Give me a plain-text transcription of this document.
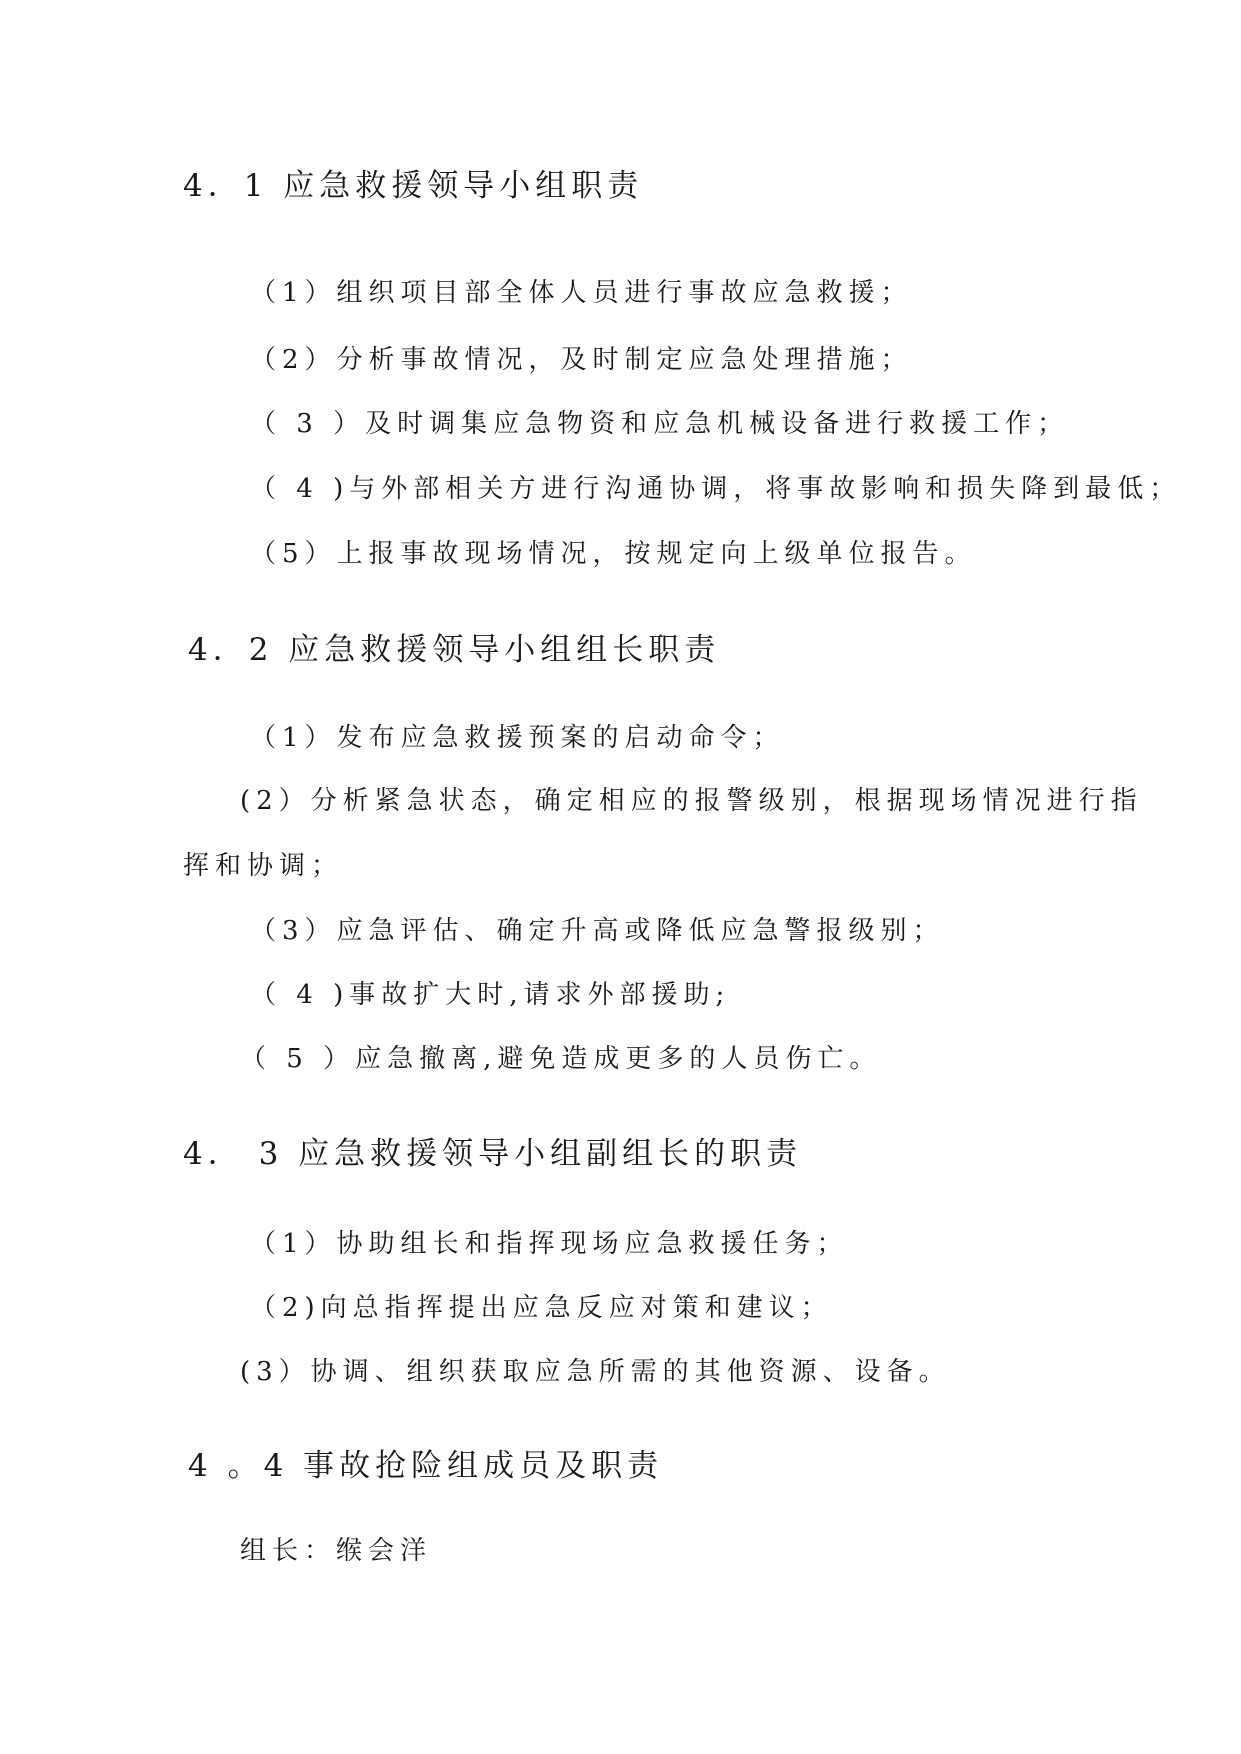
4．1 应急救援领导小组职责
（1）组织项目部全体人员进行事故应急救援；
（2）分析事故情况，及时制定应急处理措施；
（ 3 ）及时调集应急物资和应急机械设备进行救援工作；
（ 4 )与外部相关方进行沟通协调，将事故影响和损失降到最低；
（5）上报事故现场情况，按规定向上级单位报告。
4．2 应急救援领导小组组长职责
（1）发布应急救援预案的启动命令；
(2）分析紧急状态，确定相应的报警级别，根据现场情况进行指
挥和协调；
（3）应急评估、确定升高或降低应急警报级别；
（ 4 )事故扩大时,请求外部援助;
（ 5 ）应急撤离,避免造成更多的人员伤亡。
4． 3 应急救援领导小组副组长的职责
（1）协助组长和指挥现场应急救援任务；
（2)向总指挥提出应急反应对策和建议；
(3）协调、组织获取应急所需的其他资源、设备。
4 。4 事故抢险组成员及职责
组长：缑会洋
